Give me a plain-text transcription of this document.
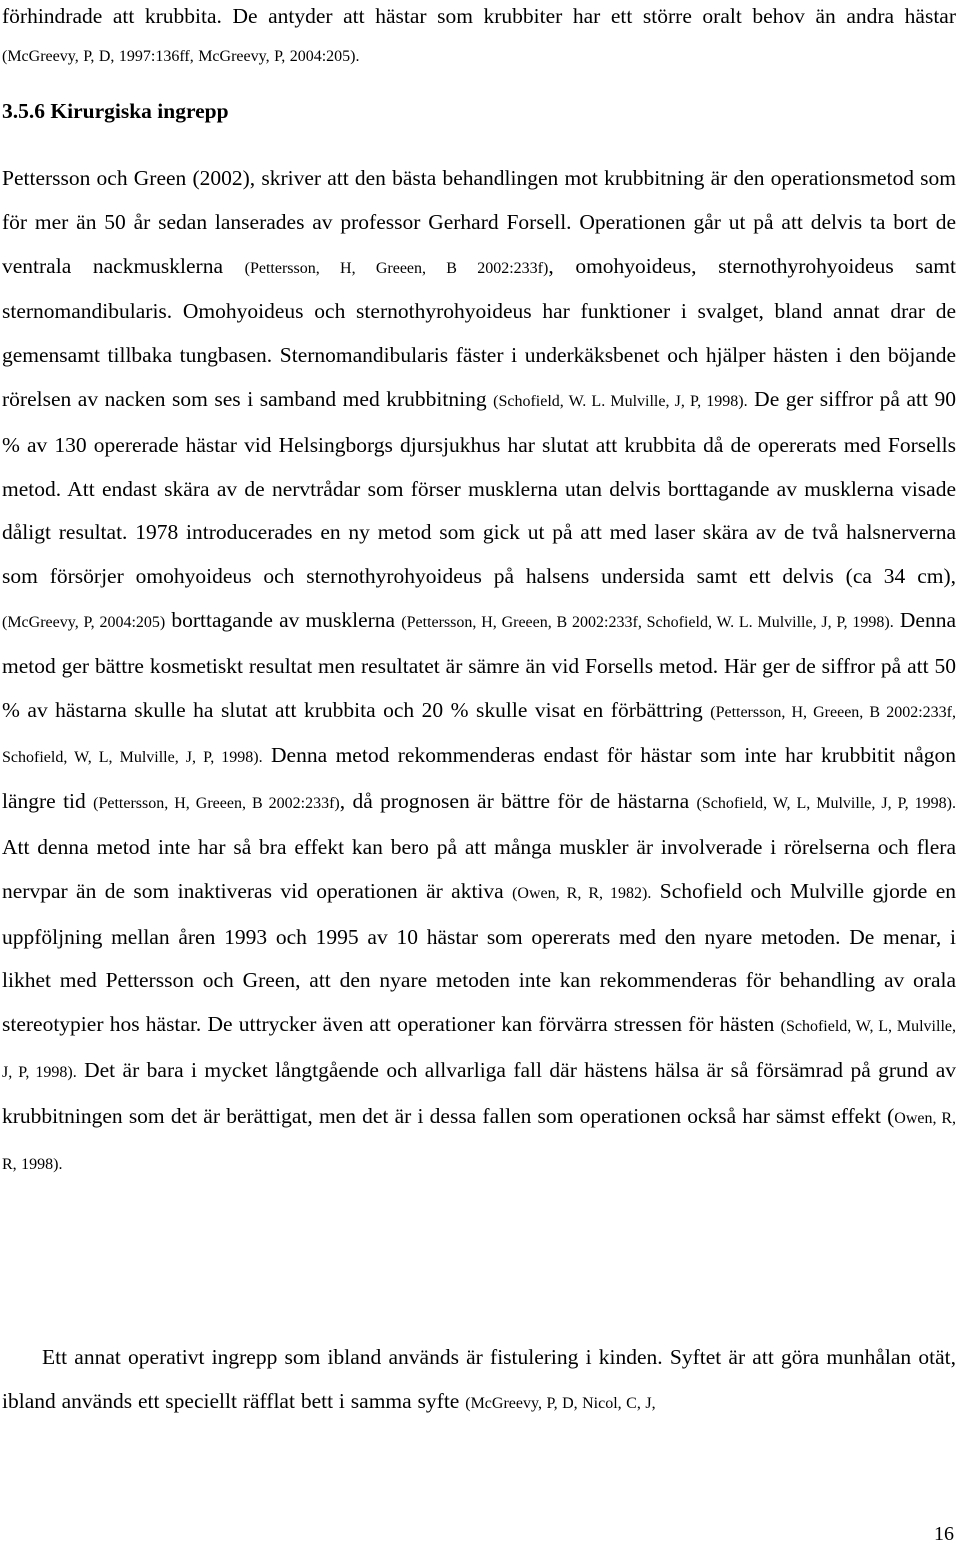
förhindrade att krubbita. De antyder att hästar som krubbiter har ett större oralt behov än andra hästar (McGreevy, P, D, 1997:136ff, McGreevy, P, 2004:205).
3.5.6 Kirurgiska ingrepp
Pettersson och Green (2002), skriver att den bästa behandlingen mot krubbitning är den operationsmetod som för mer än 50 år sedan lanserades av professor Gerhard Forsell. Operationen går ut på att delvis ta bort de ventrala nackmusklerna (Pettersson, H, Greeen, B 2002:233f), omohyoideus, sternothyrohyoideus samt sternomandibularis. Omohyoideus och sternothyrohyoideus har funktioner i svalget, bland annat drar de gemensamt tillbaka tungbasen. Sternomandibularis fäster i underkäksbenet och hjälper hästen i den böjande rörelsen av nacken som ses i samband med krubbitning (Schofield, W. L. Mulville, J, P, 1998). De ger siffror på att 90 % av 130 opererade hästar vid Helsingborgs djursjukhus har slutat att krubbita då de opererats med Forsells metod. Att endast skära av de nervtrådar som förser musklerna utan delvis borttagande av musklerna visade dåligt resultat. 1978 introducerades en ny metod som gick ut på att med laser skära av de två halsnerverna som försörjer omohyoideus och sternothyrohyoideus på halsens undersida samt ett delvis (ca 34 cm), (McGreevy, P, 2004:205) borttagande av musklerna (Pettersson, H, Greeen, B 2002:233f, Schofield, W. L. Mulville, J, P, 1998). Denna metod ger bättre kosmetiskt resultat men resultatet är sämre än vid Forsells metod. Här ger de siffror på att 50 % av hästarna skulle ha slutat att krubbita och 20 % skulle visat en förbättring (Pettersson, H, Greeen, B 2002:233f, Schofield, W, L, Mulville, J, P, 1998). Denna metod rekommenderas endast för hästar som inte har krubbitit någon längre tid (Pettersson, H, Greeen, B 2002:233f), då prognosen är bättre för de hästarna (Schofield, W, L, Mulville, J, P, 1998). Att denna metod inte har så bra effekt kan bero på att många muskler är involverade i rörelserna och flera nervpar än de som inaktiveras vid operationen är aktiva (Owen, R, R, 1982). Schofield och Mulville gjorde en uppföljning mellan åren 1993 och 1995 av 10 hästar som opererats med den nyare metoden. De menar, i likhet med Pettersson och Green, att den nyare metoden inte kan rekommenderas för behandling av orala stereotypier hos hästar. De uttrycker även att operationer kan förvärra stressen för hästen (Schofield, W, L, Mulville, J, P, 1998). Det är bara i mycket långtgående och allvarliga fall där hästens hälsa är så försämrad på grund av krubbitningen som det är berättigat, men det är i dessa fallen som operationen också har sämst effekt (Owen, R, R, 1998).
Ett annat operativt ingrepp som ibland används är fistulering i kinden. Syftet är att göra munhålan otät, ibland används ett speciellt räfflat bett i samma syfte (McGreevy, P, D, Nicol, C, J,
16
